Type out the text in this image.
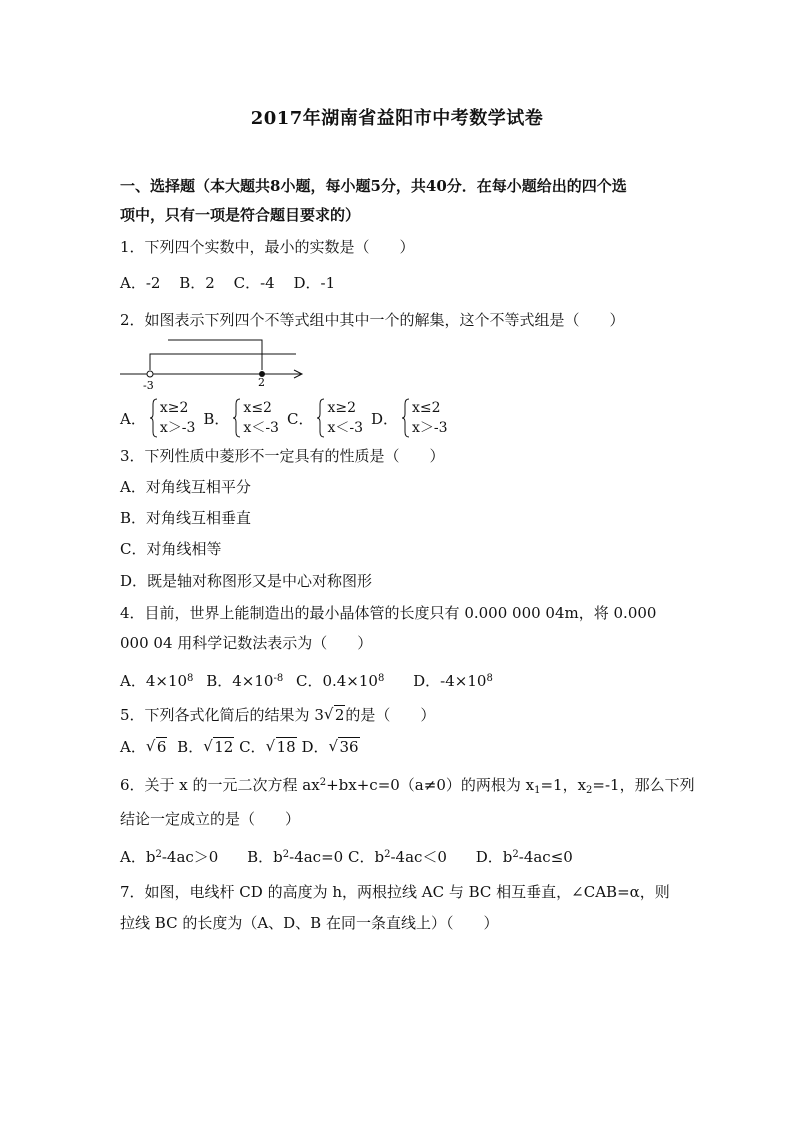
2017年湖南省益阳市中考数学试卷
一、选择题（本大题共8小题，每小题5分，共40分．在每小题给出的四个选
项中，只有一项是符合题目要求的）
1．下列四个实数中，最小的实数是（　　）
A．-2 B．2 C．-4 D．-1
2．如图表示下列四个不等式组中其中一个的解集，这个不等式组是（　　）
-3	2
A．
x≥2
x＞-3
B．
x≤2
x＜-3
C．
x≥2
x＜-3
D．
x≤2
x＞-3
3．下列性质中菱形不一定具有的性质是（　　）
A．对角线互相平分
B．对角线互相垂直
C．对角线相等
D．既是轴对称图形又是中心对称图形
4．目前，世界上能制造出的最小晶体管的长度只有 0.000 000 04m，将 0.000
000 04 用科学记数法表示为（　　）
A．$4\times 10^8$ B．$4\times 10^{-8}$ C．$0.4\times 10^8$ D．$-4\times 10^8$
5．下列各式化简后的结果为 3 √ 2的是（　　）
A． √ 6 B． √ 12 C． √ 18 D． √ 36
6．关于 x 的一元二次方程 $ax^2+bx+c=0(a\ne 0)$的两根为 $x_1=1$，$x_2=-1$，那么下列
结论一定成立的是（　　）
A．$b^2-4ac>0$ B．$b^2-4ac=0$ C．$b^2-4ac<0$ D．$b^2-4ac\le 0$
7．如图，电线杆 CD 的高度为 h，两根拉线 AC 与 BC 相互垂直，∠CAB=α，则
拉线 BC 的长度为（A、D、B 在同一条直线上）（　　）
